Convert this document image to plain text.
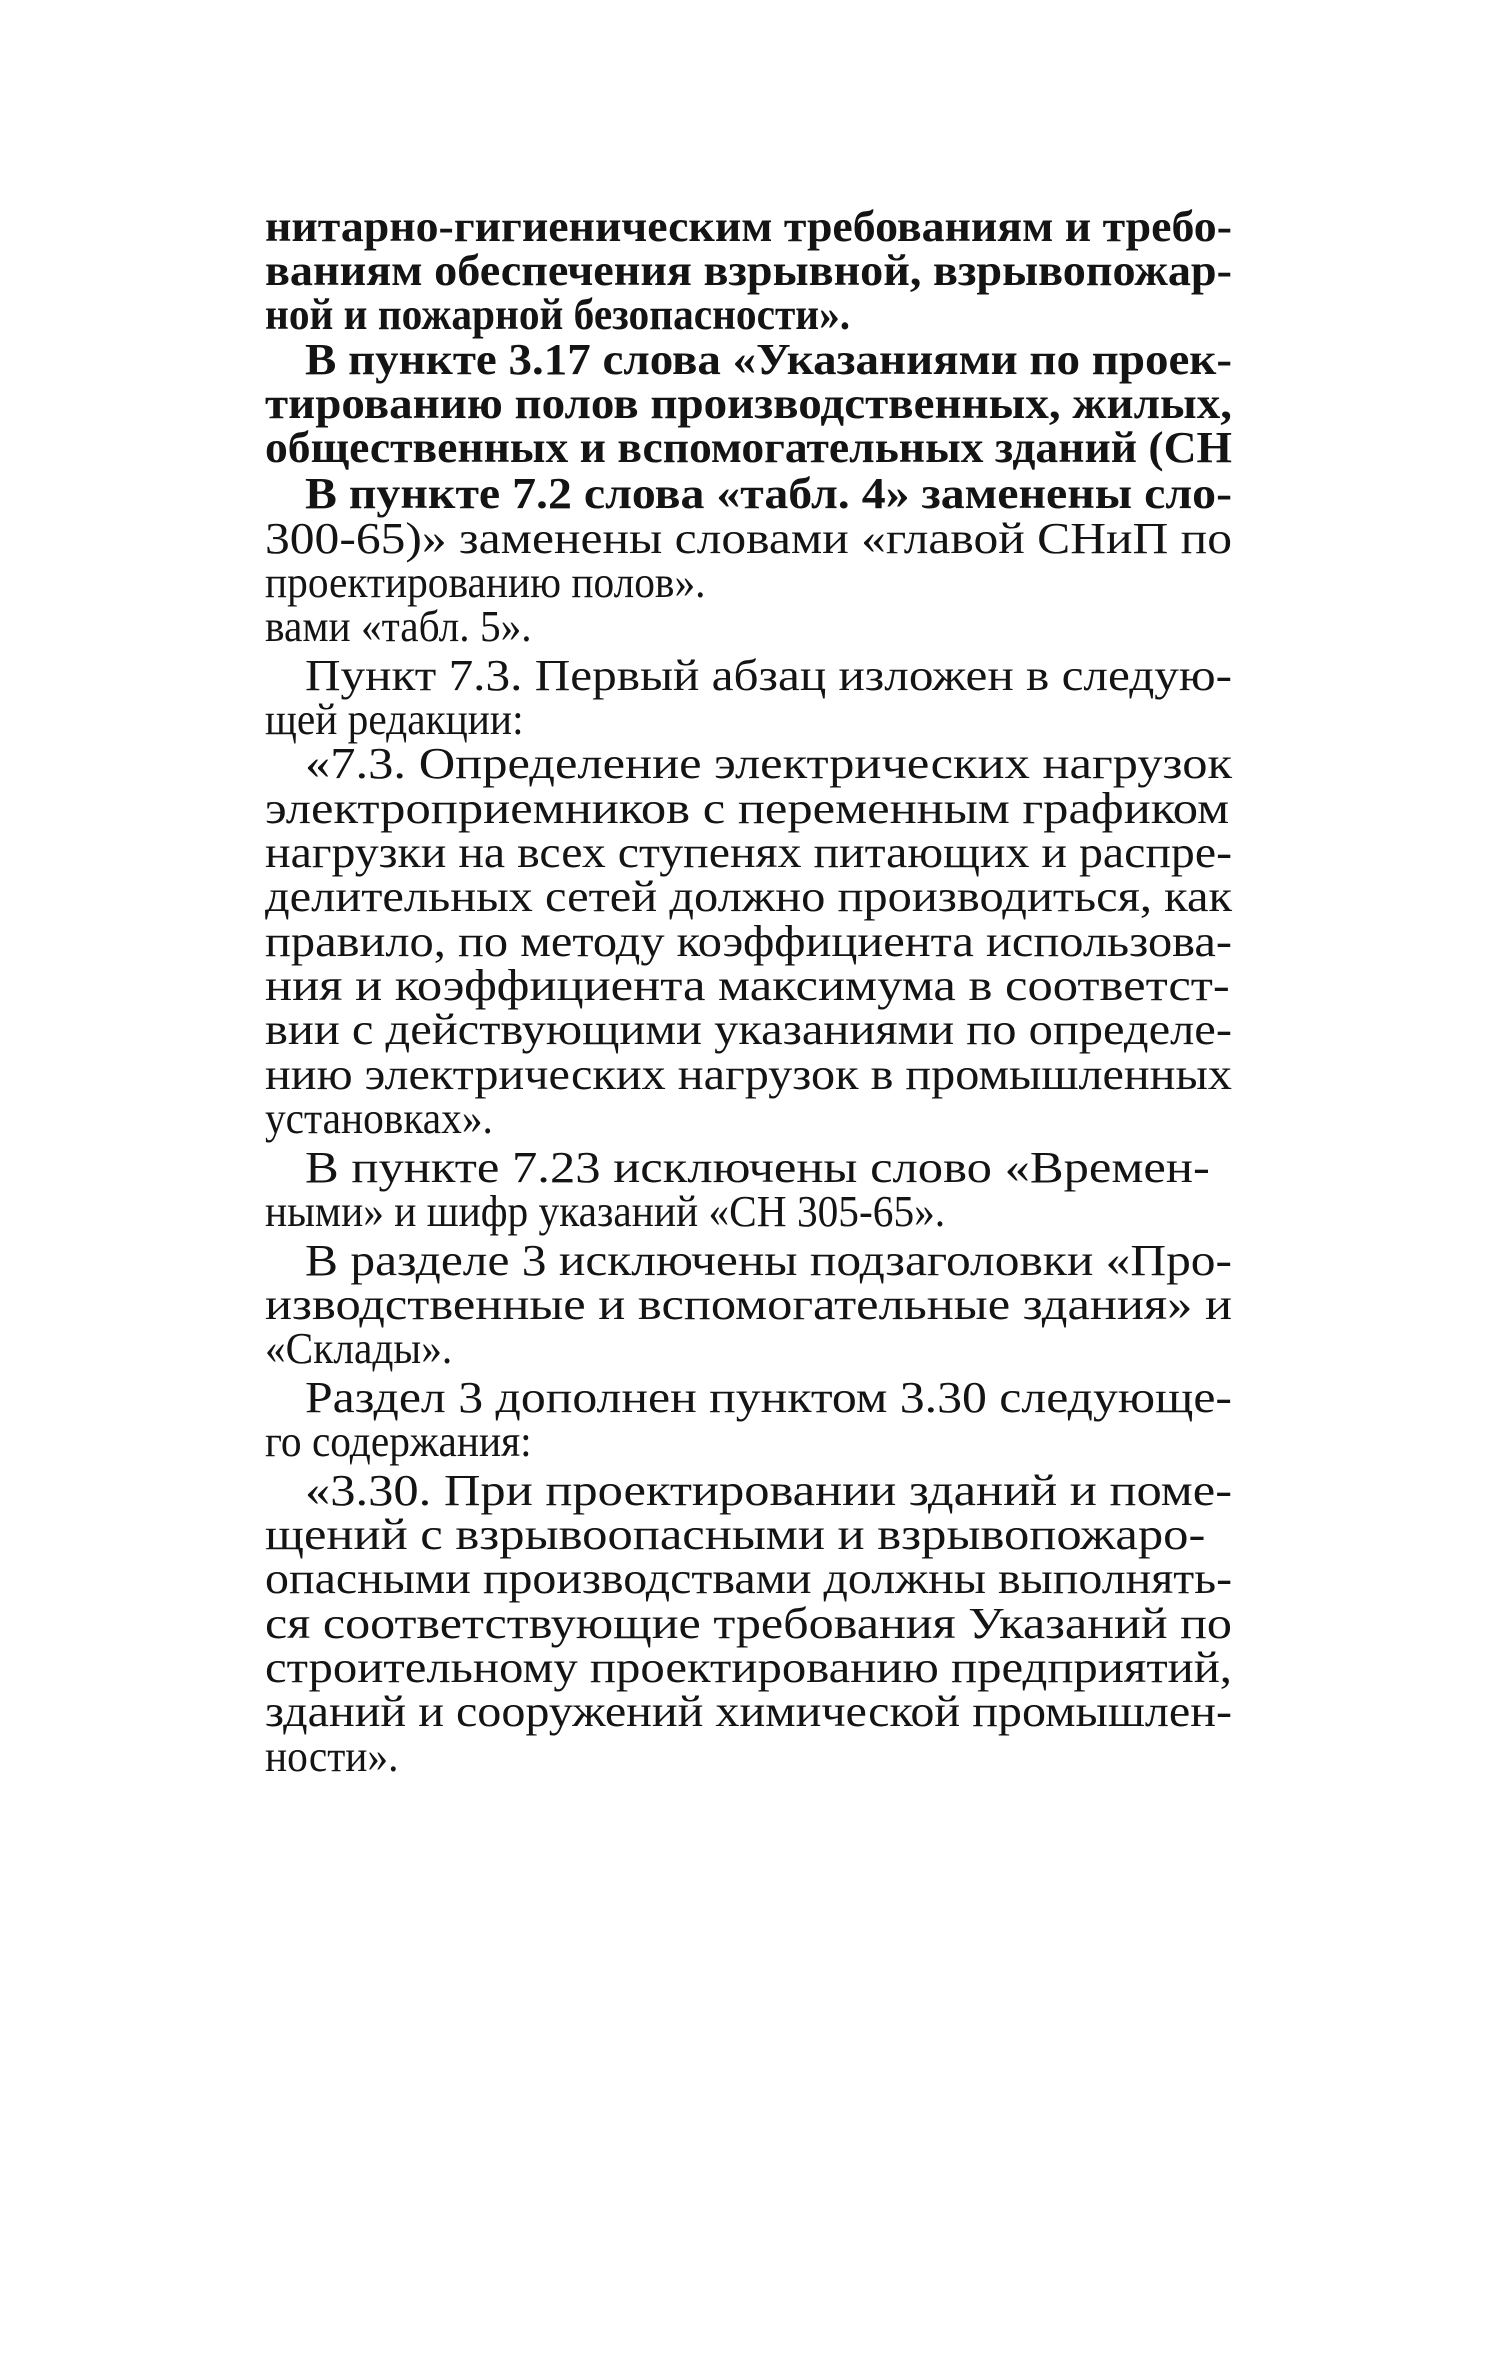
нитарно-гигиеническим требованиям и требо-
ваниям обеспечения взрывной, взрывопожар-
ной и пожарной безопасности».
В пункте 3.17 слова «Указаниями по проек-
тированию полов производственных, жилых,
общественных и вспомогательных зданий (СН
В пункте 7.2 слова «табл. 4» заменены сло-
300-65)» заменены словами «главой СНиП по
проектированию полов».
вами «табл. 5».
Пункт 7.3. Первый абзац изложен в следую-
щей редакции:
«7.3. Определение электрических нагрузок
электроприемников с переменным графиком
нагрузки на всех ступенях питающих и распре-
делительных сетей должно производиться, как
правило, по методу коэффициента использова-
ния и коэффициента максимума в соответст-
вии с действующими указаниями по определе-
нию электрических нагрузок в промышленных
установках».
В пункте 7.23 исключены слово «Времен-
ными» и шифр указаний «СН 305-65».
В разделе 3 исключены подзаголовки «Про-
изводственные и вспомогательные здания» и
«Склады».
Раздел 3 дополнен пунктом 3.30 следующе-
го содержания:
«3.30. При проектировании зданий и поме-
щений с взрывоопасными и взрывопожаро-
опасными производствами должны выполнять-
ся соответствующие требования Указаний по
строительному проектированию предприятий,
зданий и сооружений химической промышлен-
ности».
